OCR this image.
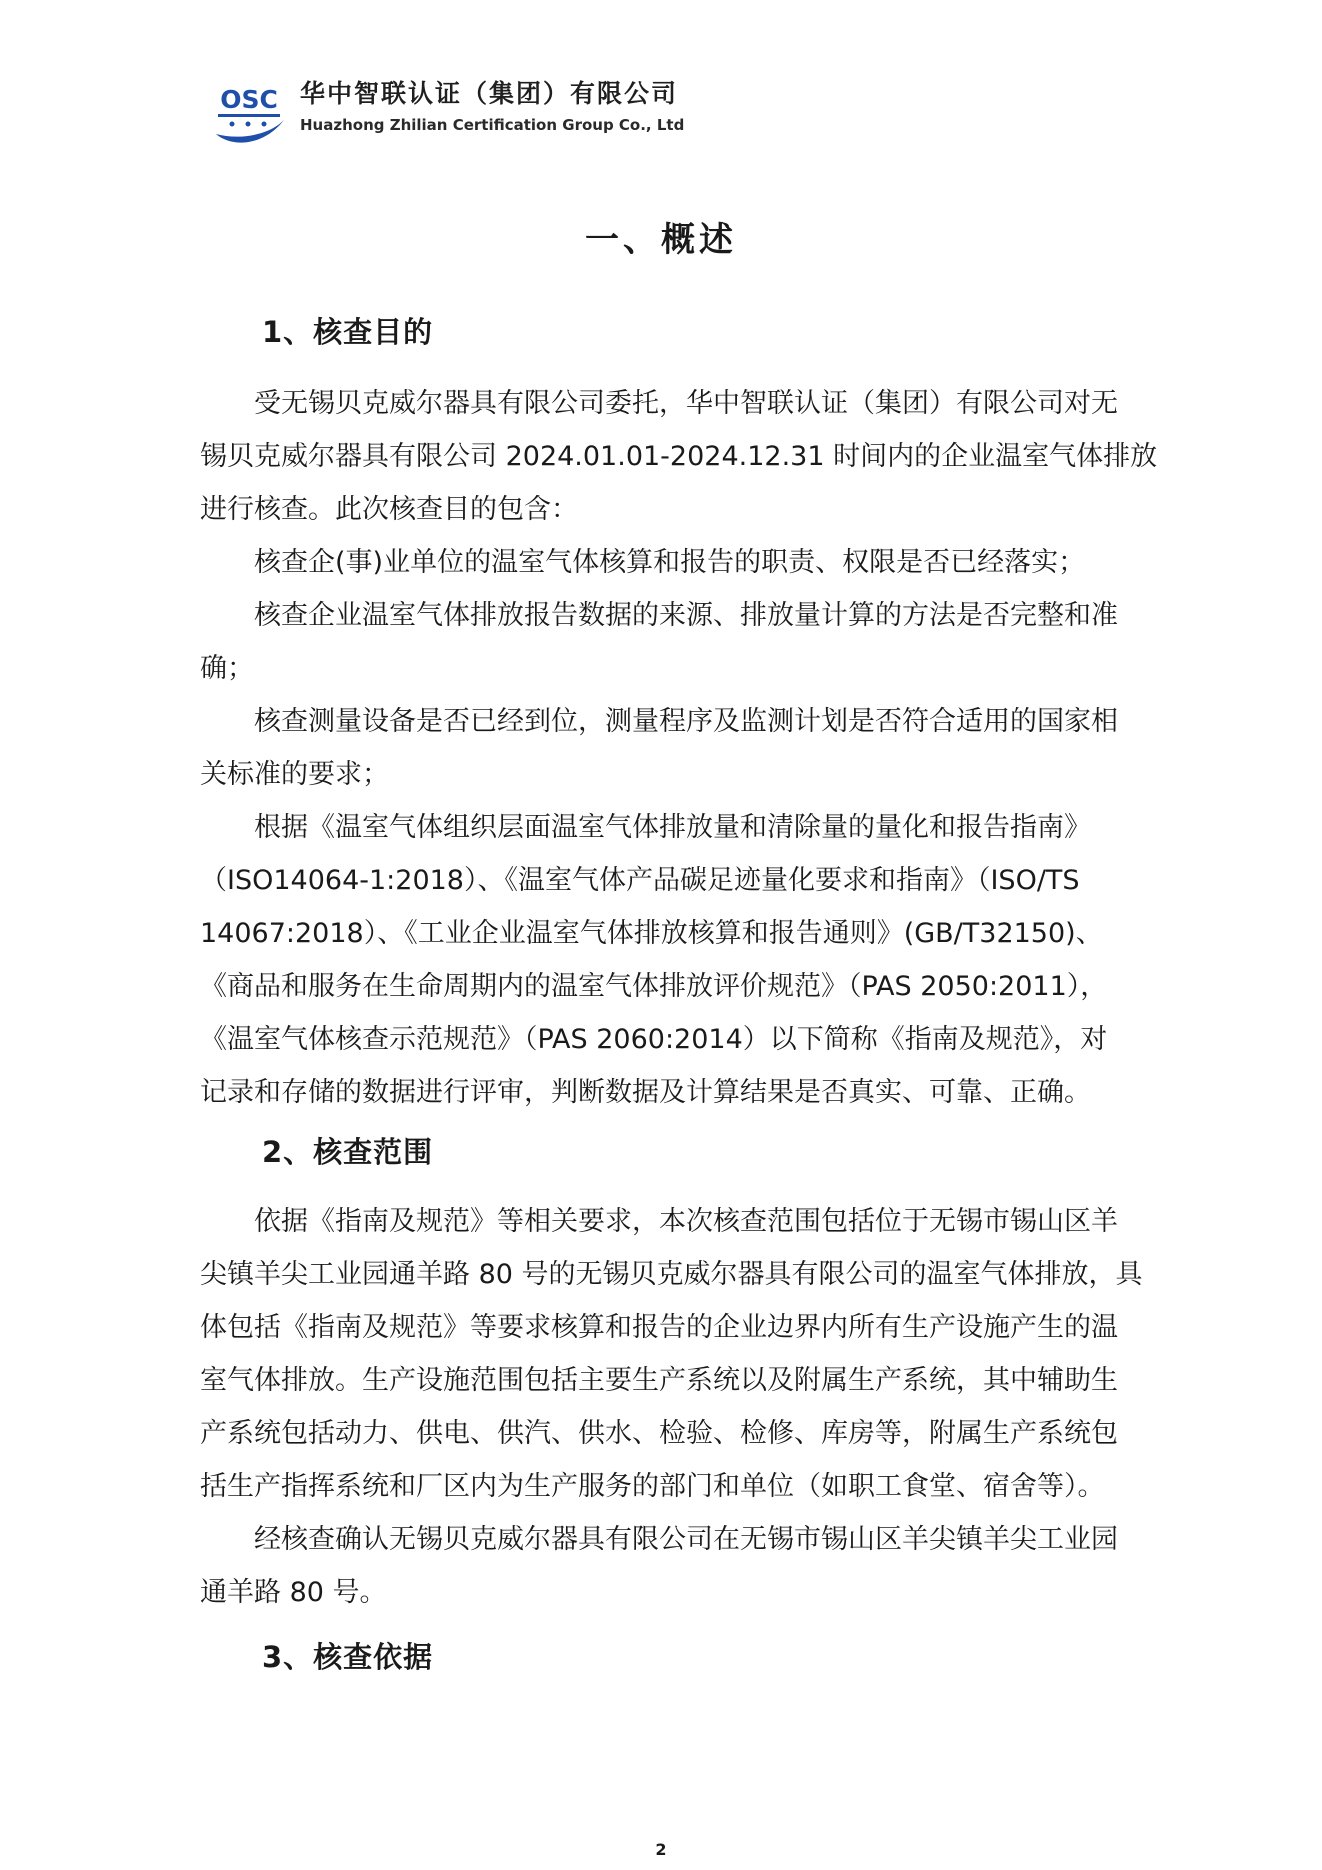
OSC 华中智联认证（集团）有限公司
Huazhong Zhilian Certification Group Co., Ltd
一、概述
1、核查目的
受无锡贝克威尔器具有限公司委托，华中智联认证（集团）有限公司对无
锡贝克威尔器具有限公司 2024.01.01-2024.12.31 时间内的企业温室气体排放
进行核查。此次核查目的包含：
核查企(事)业单位的温室气体核算和报告的职责、权限是否已经落实；
核查企业温室气体排放报告数据的来源、排放量计算的方法是否完整和准
确；
核查测量设备是否已经到位，测量程序及监测计划是否符合适用的国家相
关标准的要求；
根据《温室气体组织层面温室气体排放量和清除量的量化和报告指南》
（ISO14064-1:2018）、《温室气体产品碳足迹量化要求和指南》（ISO/TS
14067:2018）、《工业企业温室气体排放核算和报告通则》(GB/T32150)、
《商品和服务在生命周期内的温室气体排放评价规范》（PAS 2050:2011），
《温室气体核查示范规范》（PAS 2060:2014）以下简称《指南及规范》，对
记录和存储的数据进行评审，判断数据及计算结果是否真实、可靠、正确。
2、核查范围
依据《指南及规范》等相关要求，本次核查范围包括位于无锡市锡山区羊
尖镇羊尖工业园通羊路 80 号的无锡贝克威尔器具有限公司的温室气体排放，具
体包括《指南及规范》等要求核算和报告的企业边界内所有生产设施产生的温
室气体排放。生产设施范围包括主要生产系统以及附属生产系统，其中辅助生
产系统包括动力、供电、供汽、供水、检验、检修、库房等，附属生产系统包
括生产指挥系统和厂区内为生产服务的部门和单位（如职工食堂、宿舍等）。
经核查确认无锡贝克威尔器具有限公司在无锡市锡山区羊尖镇羊尖工业园
通羊路 80 号。
3、核查依据
2
